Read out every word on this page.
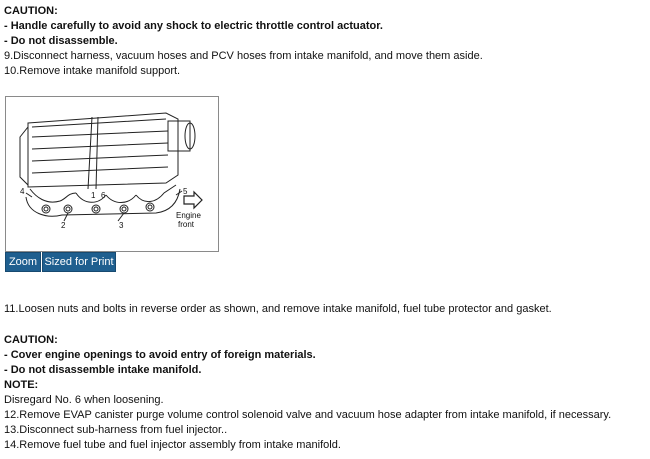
CAUTION:
- Handle carefully to avoid any shock to electric throttle control actuator.
- Do not disassemble.
9.Disconnect harness, vacuum hoses and PCV hoses from intake manifold, and move them aside.
10.Remove intake manifold support.
1 6
2	3
4	5
Engine
front
Zoom Sized for Print
11.Loosen nuts and bolts in reverse order as shown, and remove intake manifold, fuel tube protector and gasket.
CAUTION:
- Cover engine openings to avoid entry of foreign materials.
- Do not disassemble intake manifold.
NOTE:
Disregard No. 6 when loosening.
12.Remove EVAP canister purge volume control solenoid valve and vacuum hose adapter from intake manifold, if necessary.
13.Disconnect sub-harness from fuel injector..
14.Remove fuel tube and fuel injector assembly from intake manifold.
